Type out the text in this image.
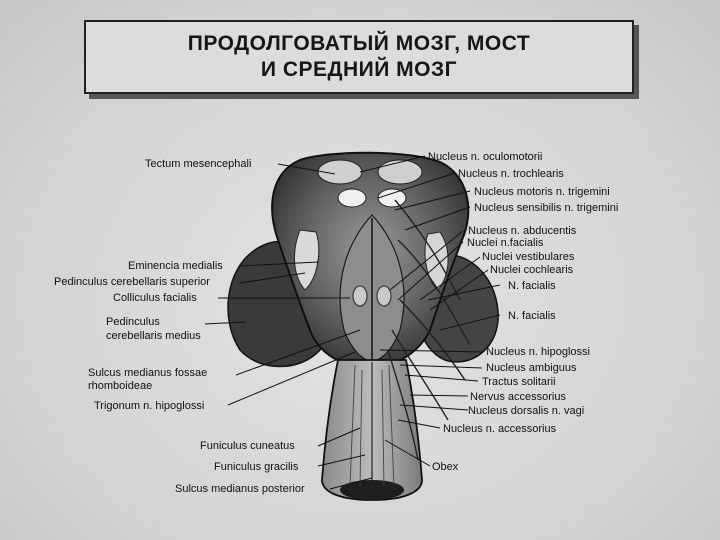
ПРОДОЛГОВАТЫЙ МОЗГ, МОСТ
И СРЕДНИЙ МОЗГ
Tectum mesencephali
Eminencia medialis
Pedinculus cerebellaris superior
Colliculus facialis
Pedinculus
cerebellaris medius
Sulcus medianus fossae
rhomboideae
Trigonum n. hipoglossi
Funiculus cuneatus
Funiculus gracilis
Sulcus medianus posterior
Nucleus n. oculomotorii
Nucleus n. trochlearis
Nucleus motoris n. trigemini
Nucleus sensibilis n. trigemini
Nucleus n. abducentis
Nuclei n.facialis
Nuclei vestibulares
Nuclei cochlearis
N. facialis
N. facialis
Nucleus n. hipoglossi
Nucleus ambiguus
Tractus solitarii
Nervus accessorius
Nucleus dorsalis n. vagi
Nucleus n. accessorius
Obex
